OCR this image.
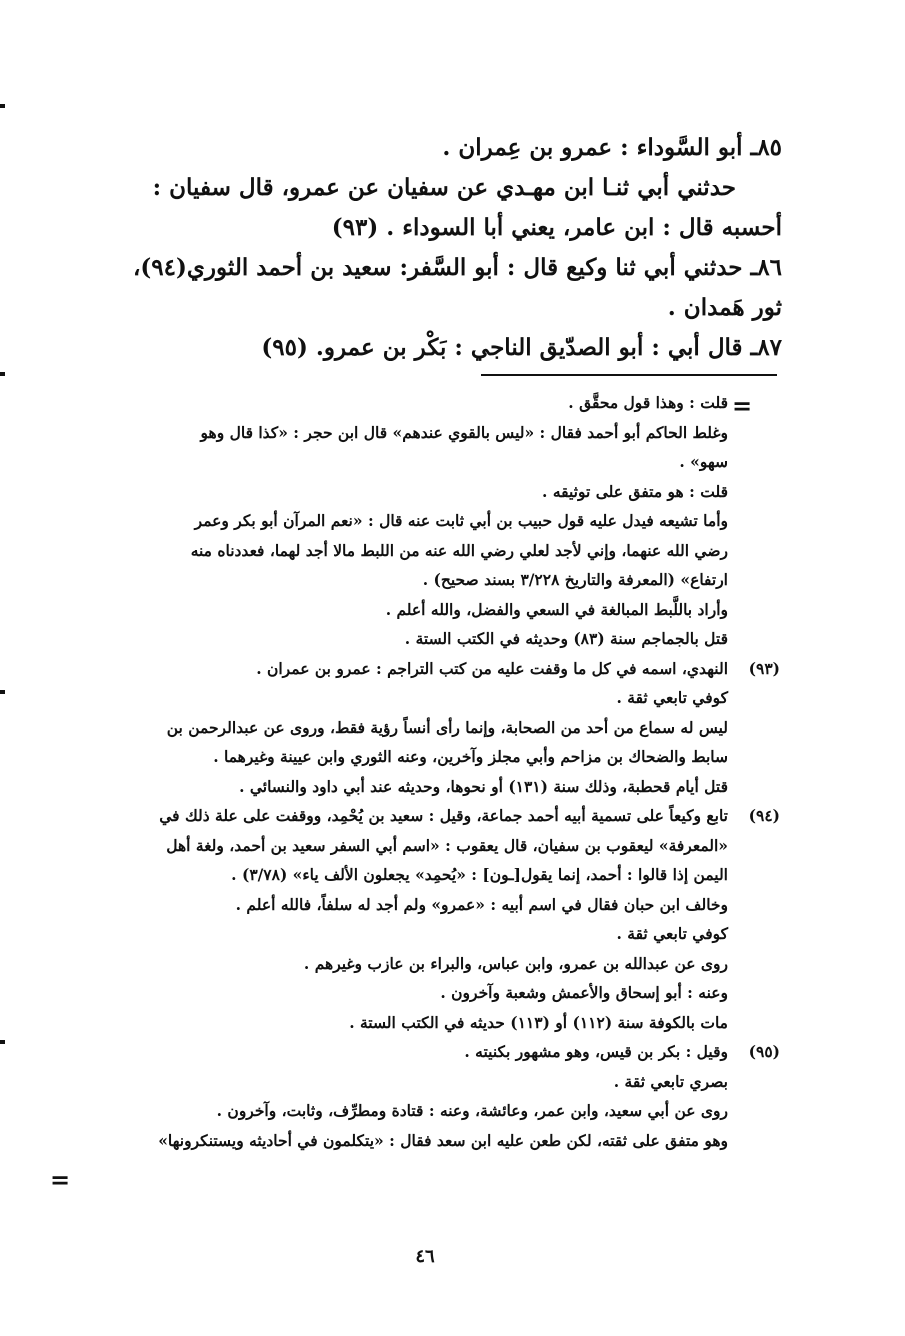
٨٥ـ أبو السَّوداء : عمرو بن عِمران .
حدثني أبي ثنـا ابن مهـدي عن سفيان عن عمرو، قال سفيان :
أحسبه قال : ابن عامر، يعني أبا السوداء . (٩٣)
٨٦ـ حدثني أبي ثنا وكيع قال : أبو السَّفر: سعيد بن أحمد الثوري(٩٤)،
ثور هَمدان .
٨٧ـ قال أبي : أبو الصدّيق الناجي : بَكْر بن عمرو. (٩٥)
=
قلت : وهذا قول محقَّق .
وغلط الحاكم أبو أحمد فقال : «ليس بالقوي عندهم» قال ابن حجر : «كذا قال وهو
سهو» .
قلت : هو متفق على توثيقه .
وأما تشيعه فيدل عليه قول حبيب بن أبي ثابت عنه قال : «نعم المرآن أبو بكر وعمر
رضي الله عنهما، وإني لأجد لعلي رضي الله عنه من اللبط مالا أجد لهما، فعددناه منه
ارتفاع» (المعرفة والتاريخ ٣/٢٢٨ بسند صحيح) .
وأراد باللَّبط المبالغة في السعي والفضل، والله أعلم .
قتل بالجماجم سنة (٨٣) وحديثه في الكتب الستة .
النهدي، اسمه في كل ما وقفت عليه من كتب التراجم : عمرو بن عمران . (٩٣)
كوفي تابعي ثقة .
ليس له سماع من أحد من الصحابة، وإنما رأى أنساً رؤية فقط، وروى عن عبدالرحمن بن
سابط والضحاك بن مزاحم وأبي مجلز وآخرين، وعنه الثوري وابن عيينة وغيرهما .
قتل أيام قحطبة، وذلك سنة (١٣١) أو نحوها، وحديثه عند أبي داود والنسائي .
تابع وكيعاً على تسمية أبيه أحمد جماعة، وقيل : سعيد بن يُحْمِد، ووقفت على علة ذلك في (٩٤)
«المعرفة» ليعقوب بن سفيان، قال يعقوب : «اسم أبي السفر سعيد بن أحمد، ولغة أهل
اليمن إذا قالوا : أحمد، إنما يقول[ـون] : «يُحمِد» يجعلون الألف ياء» (٣/٧٨) .
وخالف ابن حبان فقال في اسم أبيه : «عمرو» ولم أجد له سلفاً، فالله أعلم .
كوفي تابعي ثقة .
روى عن عبدالله بن عمرو، وابن عباس، والبراء بن عازب وغيرهم .
وعنه : أبو إسحاق والأعمش وشعبة وآخرون .
مات بالكوفة سنة (١١٢) أو (١١٣) حديثه في الكتب الستة .
وقيل : بكر بن قيس، وهو مشهور بكنيته . (٩٥)
بصري تابعي ثقة .
روى عن أبي سعيد، وابن عمر، وعائشة، وعنه : قتادة ومطرِّف، وثابت، وآخرون .
وهو متفق على ثقته، لكن طعن عليه ابن سعد فقال : «يتكلمون في أحاديثه ويستنكرونها»
=
٤٦
